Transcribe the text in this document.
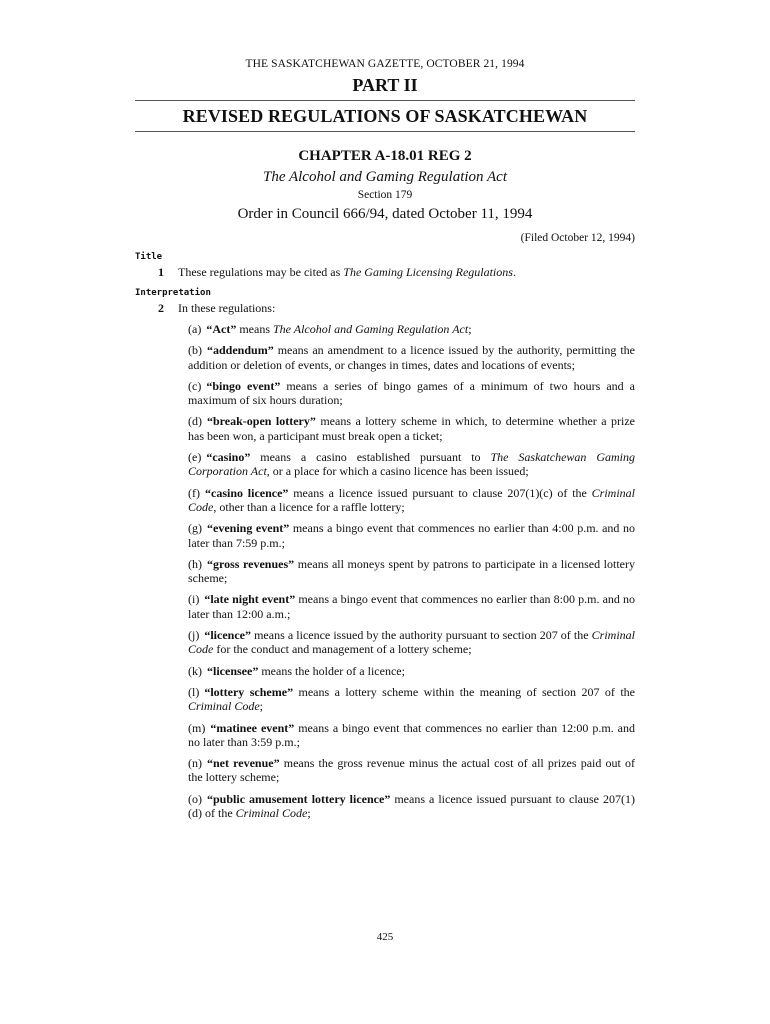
THE SASKATCHEWAN GAZETTE, OCTOBER 21, 1994
PART II
REVISED REGULATIONS OF SASKATCHEWAN
CHAPTER A-18.01 REG 2
The Alcohol and Gaming Regulation Act
Section 179
Order in Council 666/94, dated October 11, 1994
(Filed October 12, 1994)
Title
1 These regulations may be cited as The Gaming Licensing Regulations.
Interpretation
2 In these regulations:
(a) “Act” means The Alcohol and Gaming Regulation Act;
(b) “addendum” means an amendment to a licence issued by the authority, permitting the addition or deletion of events, or changes in times, dates and locations of events;
(c) “bingo event” means a series of bingo games of a minimum of two hours and a maximum of six hours duration;
(d) “break-open lottery” means a lottery scheme in which, to determine whether a prize has been won, a participant must break open a ticket;
(e) “casino” means a casino established pursuant to The Saskatchewan Gaming Corporation Act, or a place for which a casino licence has been issued;
(f) “casino licence” means a licence issued pursuant to clause 207(1)(c) of the Criminal Code, other than a licence for a raffle lottery;
(g) “evening event” means a bingo event that commences no earlier than 4:00 p.m. and no later than 7:59 p.m.;
(h) “gross revenues” means all moneys spent by patrons to participate in a licensed lottery scheme;
(i) “late night event” means a bingo event that commences no earlier than 8:00 p.m. and no later than 12:00 a.m.;
(j) “licence” means a licence issued by the authority pursuant to section 207 of the Criminal Code for the conduct and management of a lottery scheme;
(k) “licensee” means the holder of a licence;
(l) “lottery scheme” means a lottery scheme within the meaning of section 207 of the Criminal Code;
(m) “matinee event” means a bingo event that commences no earlier than 12:00 p.m. and no later than 3:59 p.m.;
(n) “net revenue” means the gross revenue minus the actual cost of all prizes paid out of the lottery scheme;
(o) “public amusement lottery licence” means a licence issued pursuant to clause 207(1)(d) of the Criminal Code;
425
